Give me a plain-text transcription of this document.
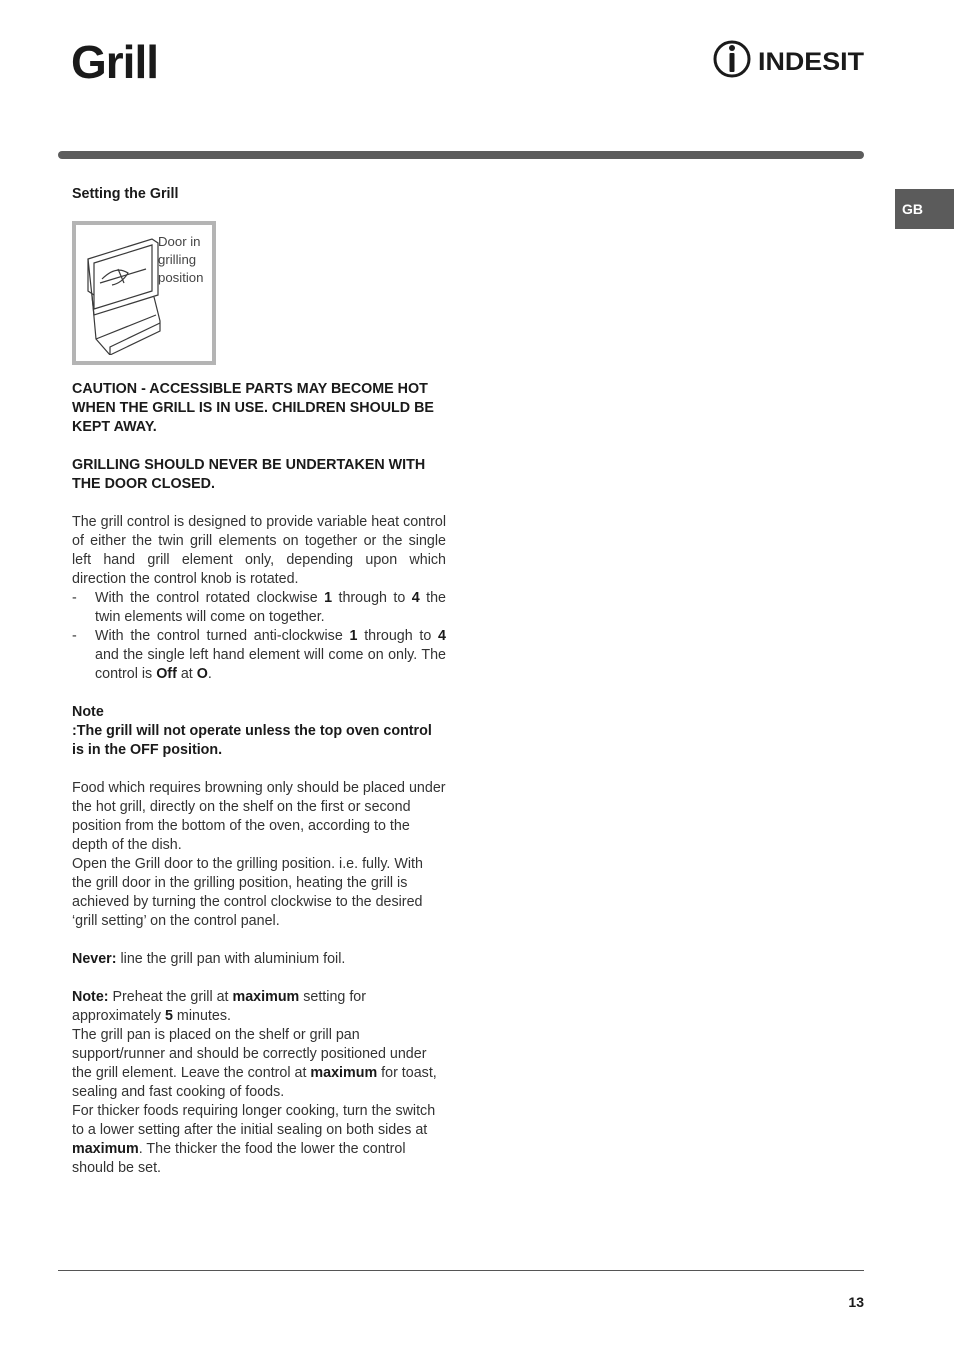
Grill	INDESIT
GB

Setting the Grill

Door in
grilling
position

CAUTION - ACCESSIBLE PARTS MAY BECOME HOT WHEN THE GRILL IS IN USE. CHILDREN SHOULD BE KEPT AWAY.

GRILLING SHOULD NEVER BE UNDERTAKEN WITH THE DOOR CLOSED.

The grill control is designed to provide variable heat control of either the twin grill elements on together or the single left hand grill element only, depending upon which direction the control knob is rotated.

- With the control rotated clockwise 1 through to 4 the twin elements will come on together.
- With the control turned anti-clockwise 1 through to 4 and the single left hand element will come on only. The control is Off at O.

Note

:The grill will not operate unless the top oven control is in the OFF position.

Food which requires browning only should be placed under the hot grill, directly on the shelf on the first or second position from the bottom of the oven, according to the depth of the dish.

Open the Grill door to the grilling position. i.e. fully. With the grill door in the grilling position, heating the grill is achieved by turning the control clockwise to the desired ‘grill setting’ on the control panel.

Never: line the grill pan with aluminium foil.

Note: Preheat the grill at maximum setting for approximately 5 minutes.

The grill pan is placed on the shelf or grill pan support/runner and should be correctly positioned under the grill element. Leave the control at maximum for toast, sealing and fast cooking of foods.

For thicker foods requiring longer cooking, turn the switch to a lower setting after the initial sealing on both sides at maximum. The thicker the food the lower the control should be set.

13
